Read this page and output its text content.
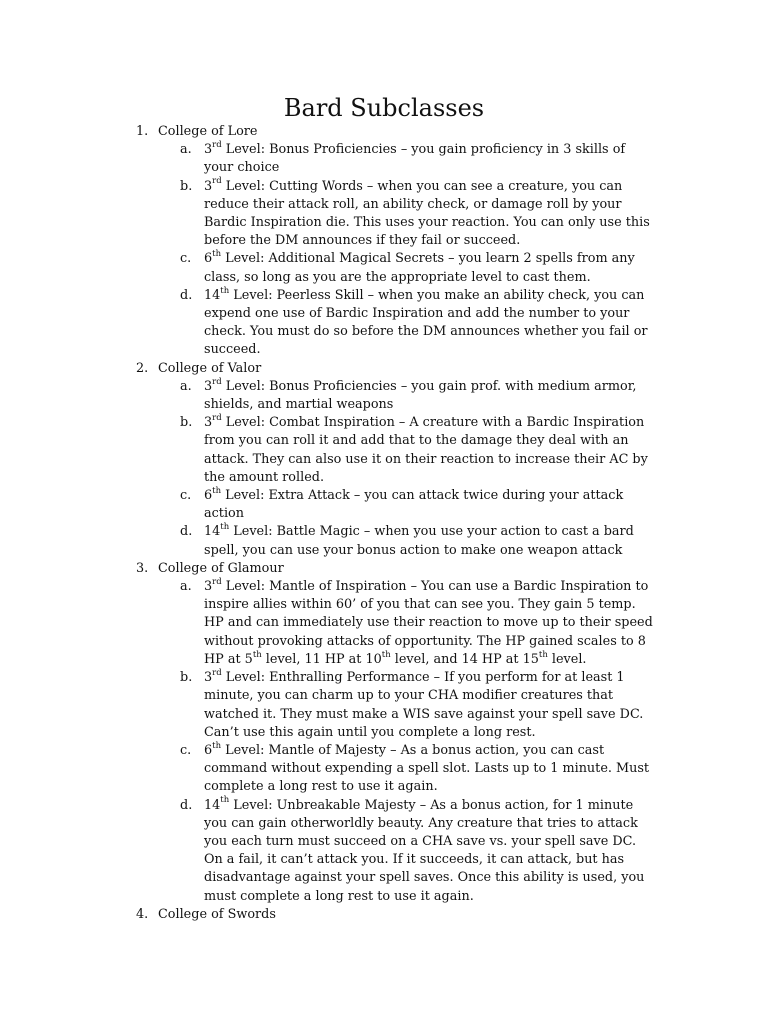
Bard Subclasses
1. College of Lore
a. 3rd Level: Bonus Proficiencies – you gain proficiency in 3 skills of your choice
b. 3rd Level: Cutting Words – when you can see a creature, you can reduce their attack roll, an ability check, or damage roll by your Bardic Inspiration die. This uses your reaction. You can only use this before the DM announces if they fail or succeed.
c. 6th Level: Additional Magical Secrets – you learn 2 spells from any class, so long as you are the appropriate level to cast them.
d. 14th Level: Peerless Skill – when you make an ability check, you can expend one use of Bardic Inspiration and add the number to your check. You must do so before the DM announces whether you fail or succeed.
2. College of Valor
a. 3rd Level: Bonus Proficiencies – you gain prof. with medium armor, shields, and martial weapons
b. 3rd Level: Combat Inspiration – A creature with a Bardic Inspiration from you can roll it and add that to the damage they deal with an attack. They can also use it on their reaction to increase their AC by the amount rolled.
c. 6th Level: Extra Attack – you can attack twice during your attack action
d. 14th Level: Battle Magic – when you use your action to cast a bard spell, you can use your bonus action to make one weapon attack
3. College of Glamour
a. 3rd Level: Mantle of Inspiration – You can use a Bardic Inspiration to inspire allies within 60’ of you that can see you. They gain 5 temp. HP and can immediately use their reaction to move up to their speed without provoking attacks of opportunity. The HP gained scales to 8 HP at 5th level, 11 HP at 10th level, and 14 HP at 15th level.
b. 3rd Level: Enthralling Performance – If you perform for at least 1 minute, you can charm up to your CHA modifier creatures that watched it. They must make a WIS save against your spell save DC. Can’t use this again until you complete a long rest.
c. 6th Level: Mantle of Majesty – As a bonus action, you can cast command without expending a spell slot. Lasts up to 1 minute. Must complete a long rest to use it again.
d. 14th Level: Unbreakable Majesty – As a bonus action, for 1 minute you can gain otherworldly beauty. Any creature that tries to attack you each turn must succeed on a CHA save vs. your spell save DC. On a fail, it can’t attack you. If it succeeds, it can attack, but has disadvantage against your spell saves. Once this ability is used, you must complete a long rest to use it again.
4. College of Swords
